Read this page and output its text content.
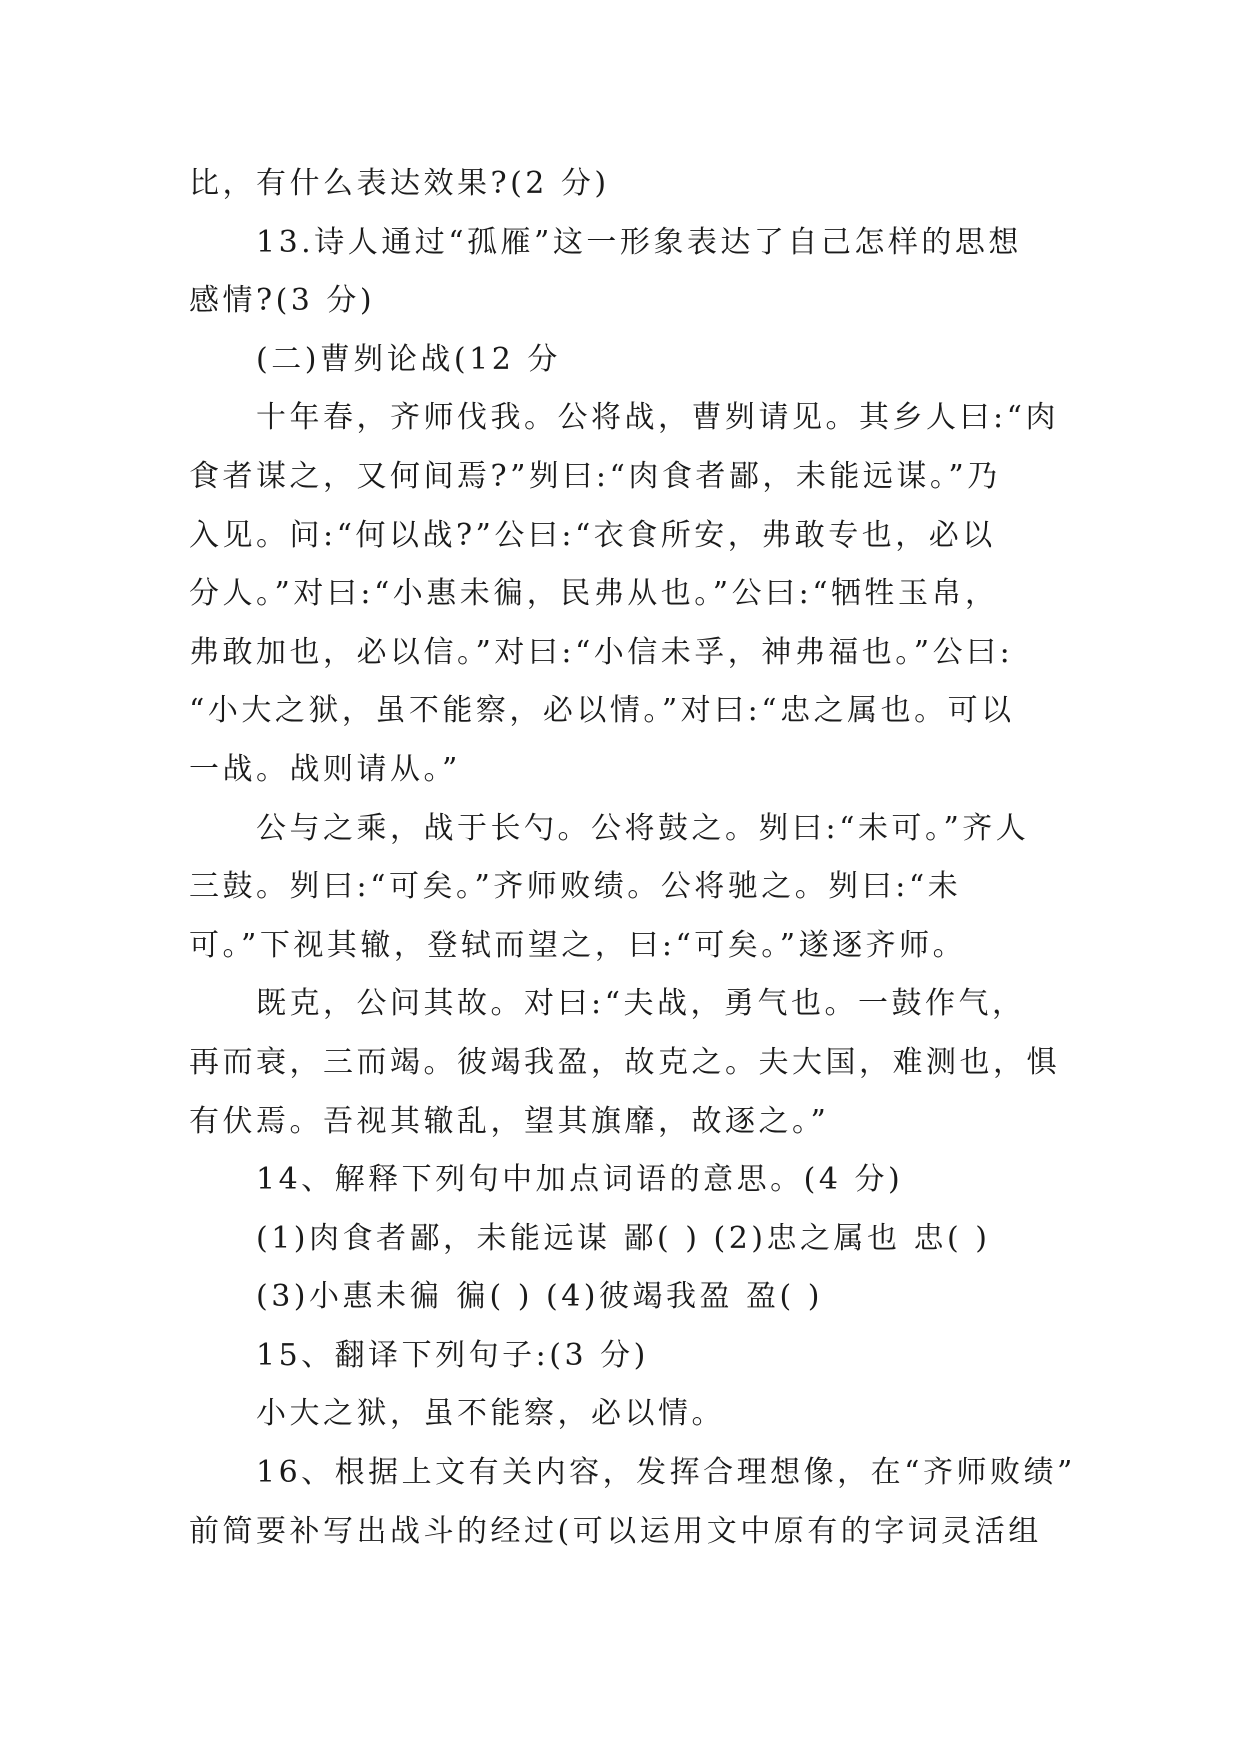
比，有什么表达效果?(2 分)
13.诗人通过“孤雁”这一形象表达了自己怎样的思想
感情?(3 分)
(二)曹刿论战(12 分
十年春，齐师伐我。公将战，曹刿请见。其乡人曰:“肉
食者谋之，又何间焉?”刿曰:“肉食者鄙，未能远谋。”乃
入见。问:“何以战?”公曰:“衣食所安，弗敢专也，必以
分人。”对曰:“小惠未徧，民弗从也。”公曰:“牺牲玉帛，
弗敢加也，必以信。”对曰:“小信未孚，神弗福也。”公曰:
“小大之狱，虽不能察，必以情。”对曰:“忠之属也。可以
一战。战则请从。”
公与之乘，战于长勺。公将鼓之。刿曰:“未可。”齐人
三鼓。刿曰:“可矣。”齐师败绩。公将驰之。刿曰:“未
可。”下视其辙，登轼而望之，曰:“可矣。”遂逐齐师。
既克，公问其故。对曰:“夫战，勇气也。一鼓作气，
再而衰，三而竭。彼竭我盈，故克之。夫大国，难测也，惧
有伏焉。吾视其辙乱，望其旗靡，故逐之。”
14、解释下列句中加点词语的意思。(4 分)
(1)肉食者鄙，未能远谋 鄙( ) (2)忠之属也 忠( )
(3)小惠未徧 徧( ) (4)彼竭我盈 盈( )
15、翻译下列句子:(3 分)
小大之狱，虽不能察，必以情。
16、根据上文有关内容，发挥合理想像，在“齐师败绩”
前简要补写出战斗的经过(可以运用文中原有的字词灵活组
